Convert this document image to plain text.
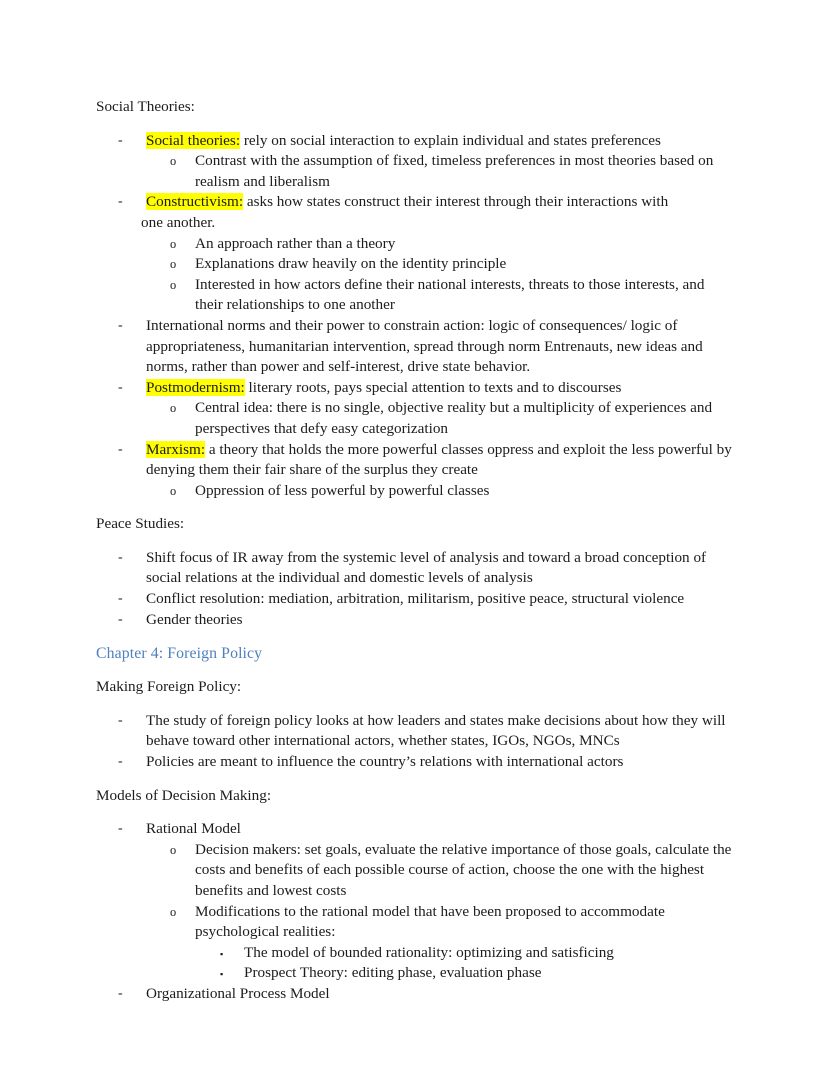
Social Theories:

-	Social theories: rely on social interaction to explain individual and states preferences
o	Contrast with the assumption of fixed, timeless preferences in most theories based on realism and liberalism
-	Constructivism: asks how states construct their interest through their interactions with
one another.
o	An approach rather than a theory
o	Explanations draw heavily on the identity principle
o	Interested in how actors define their national interests, threats to those interests, and their relationships to one another
-	International norms and their power to constrain action: logic of consequences/ logic of appropriateness, humanitarian intervention, spread through norm Entrenauts, new ideas and norms, rather than power and self-interest, drive state behavior.
-	Postmodernism: literary roots, pays special attention to texts and to discourses
o	Central idea: there is no single, objective reality but a multiplicity of experiences and perspectives that defy easy categorization
-	Marxism: a theory that holds the more powerful classes oppress and exploit the less powerful by denying them their fair share of the surplus they create
o	Oppression of less powerful by powerful classes

Peace Studies:

-	Shift focus of IR away from the systemic level of analysis and toward a broad conception of social relations at the individual and domestic levels of analysis
-	Conflict resolution: mediation, arbitration, militarism, positive peace, structural violence
-	Gender theories

Chapter 4: Foreign Policy

Making Foreign Policy:

-	The study of foreign policy looks at how leaders and states make decisions about how they will behave toward other international actors, whether states, IGOs, NGOs, MNCs
-	Policies are meant to influence the country’s relations with international actors

Models of Decision Making:

-	Rational Model
o	Decision makers: set goals, evaluate the relative importance of those goals, calculate the costs and benefits of each possible course of action, choose the one with the highest benefits and lowest costs
o	Modifications to the rational model that have been proposed to accommodate psychological realities:
▪	The model of bounded rationality: optimizing and satisficing
▪	Prospect Theory: editing phase, evaluation phase
-	Organizational Process Model
